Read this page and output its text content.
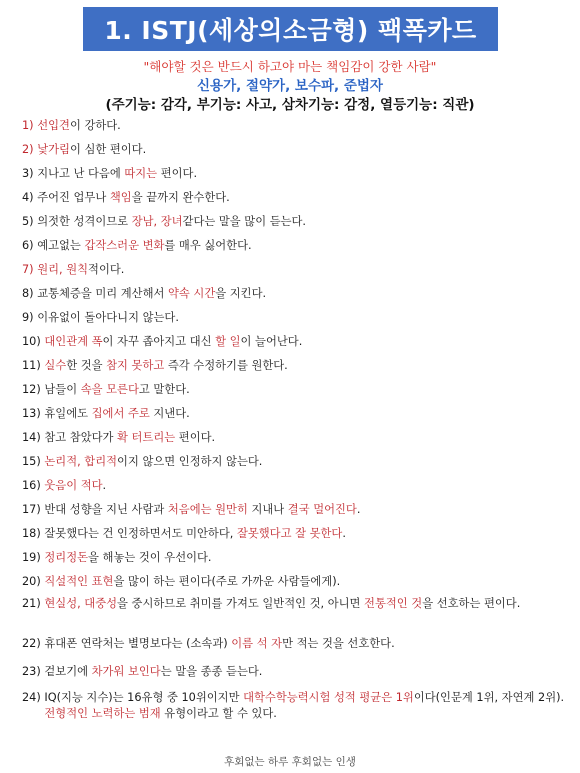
1. ISTJ(세상의소금형) 팩폭카드
"해야할 것은 반드시 하고야 마는 책임감이 강한 사람"
신용가, 절약가, 보수파, 준법자
(주기능: 감각, 부기능: 사고, 삼차기능: 감정, 열등기능: 직관)
1) 선입견이 강하다.
2) 낯가림이 심한 편이다.
3) 지나고 난 다음에 따지는 편이다.
4) 주어진 업무나 책임을 끝까지 완수한다.
5) 의젓한 성격이므로 장남, 장녀같다는 말을 많이 듣는다.
6) 예고없는 갑작스러운 변화를 매우 싫어한다.
7) 원리, 원칙적이다.
8) 교통체증을 미리 계산해서 약속 시간을 지킨다.
9) 이유없이 돌아다니지 않는다.
10) 대인관계 폭이 자꾸 좁아지고 대신 할 일이 늘어난다.
11) 실수한 것을 참지 못하고 즉각 수정하기를 원한다.
12) 남들이 속을 모른다고 말한다.
13) 휴일에도 집에서 주로 지낸다.
14) 참고 참았다가 확 터트리는 편이다.
15) 논리적, 합리적이지 않으면 인정하지 않는다.
16) 웃음이 적다.
17) 반대 성향을 지닌 사람과 처음에는 원만히 지내나 결국 멀어진다.
18) 잘못했다는 건 인정하면서도 미안하다, 잘못했다고 잘 못한다.
19) 정리정돈을 해놓는 것이 우선이다.
20) 직설적인 표현을 많이 하는 편이다(주로 가까운 사람들에게).
21) 현실성, 대중성을 중시하므로 취미를 가져도 일반적인 것, 아니면 전통적인 것을 선호하는 편이다.
22) 휴대폰 연락처는 별명보다는 (소속과) 이름 석 자만 적는 것을 선호한다.
23) 겉보기에 차가워 보인다는 말을 종종 듣는다.
24) IQ(지능 지수)는 16유형 중 10위이지만 대학수학능력시험 성적 평균은 1위이다(인문계 1위, 자연계 2위). 전형적인 노력하는 범재 유형이라고 할 수 있다.
후회없는 하루 후회없는 인생
